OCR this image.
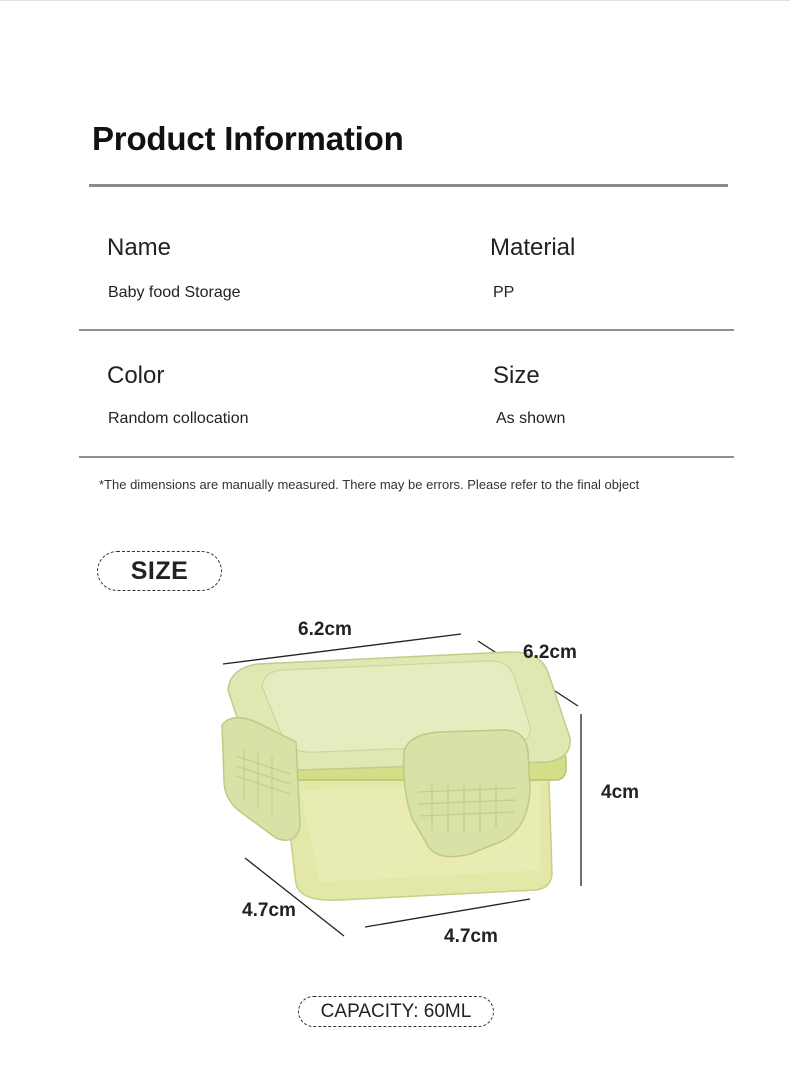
Product Information
Name
Baby food Storage
Material
PP
Color
Random collocation
Size
As shown
*The dimensions are manually measured. There may be errors. Please refer to the final object
SIZE
6.2cm
6.2cm
4cm
4.7cm
4.7cm
CAPACITY: 60ML
